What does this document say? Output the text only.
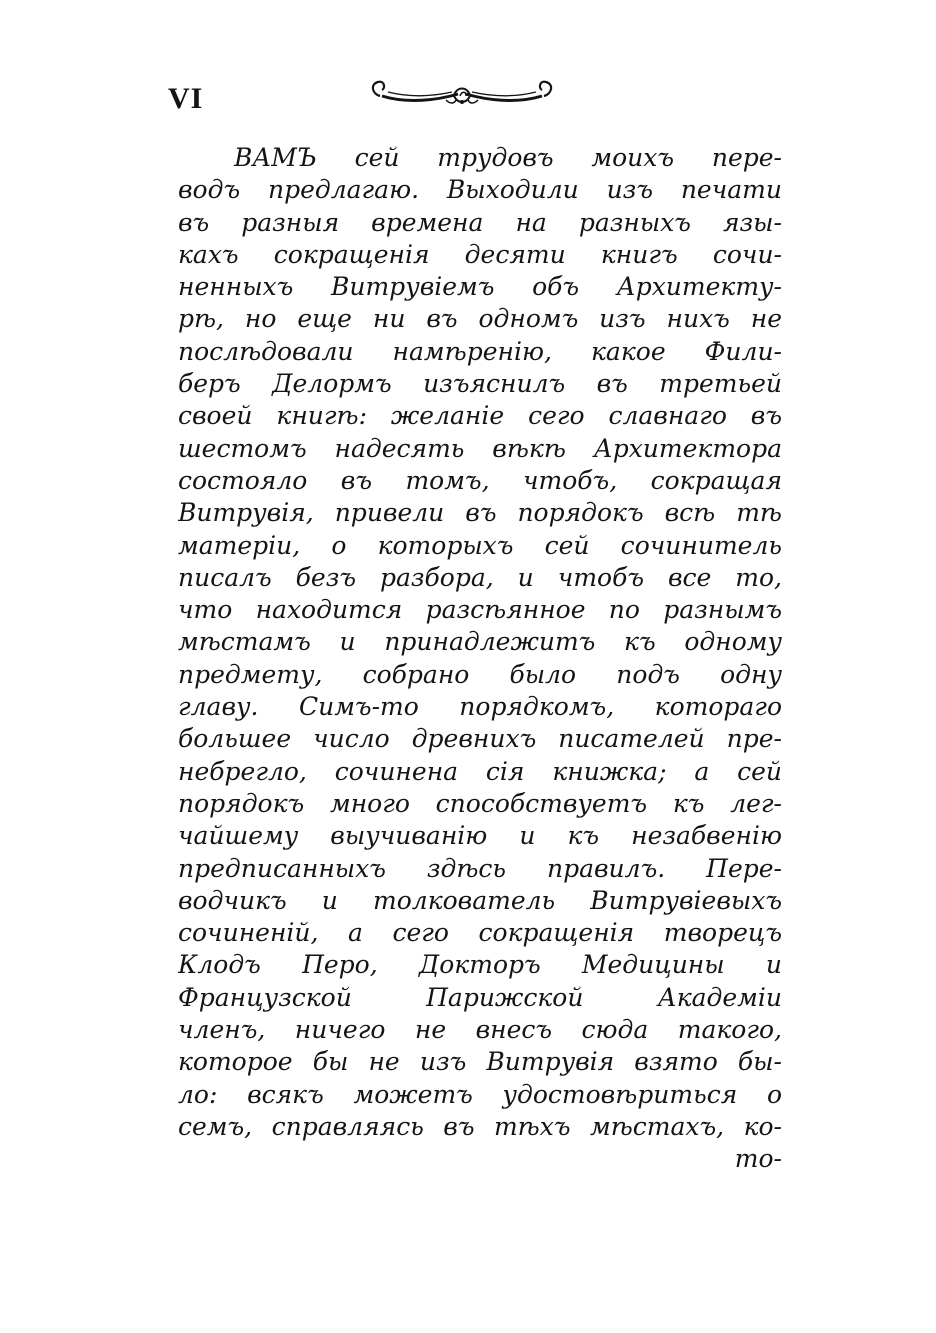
VI
ВАМЪ сей трудовъ моихъ пере-
водъ предлагаю. Выходили изъ печати
въ разныя времена на разныхъ язы-
кахъ сокращенія десяти книгъ сочи-
ненныхъ Витрувіемъ объ Архитекту-
рѣ, но еще ни въ одномъ изъ нихъ не
послѣдовали намѣренію, какое Фили-
беръ Делормъ изъяснилъ въ третьей
своей книгѣ: желаніе сего славнаго въ
шестомъ надесять вѣкѣ Архитектора
состояло въ томъ, чтобъ, сокращая
Витрувія, привели въ порядокъ всѣ тѣ
матеріи, о которыхъ сей сочинитель
писалъ безъ разбора, и чтобъ все то,
что находится разсѣянное по разнымъ
мѣстамъ и принадлежитъ къ одному
предмету, собрано было подъ одну
главу. Симъ-то порядкомъ, котораго
большее число древнихъ писателей пре-
небрегло, сочинена сія книжка; а сей
порядокъ много способствуетъ къ лег-
чайшему выучиванію и къ незабвенію
предписанныхъ здѣсь правилъ. Пере-
водчикъ и толкователь Витрувіевыхъ
сочиненій, а сего сокращенія творецъ
Клодъ Перо, Докторъ Медицины и
Французской Парижской Академіи
членъ, ничего не внесъ сюда такого,
которое бы не изъ Витрувія взято бы-
ло: всякъ можетъ удостовѣриться о
семъ, справляясь въ тѣхъ мѣстахъ, ко-
то-
